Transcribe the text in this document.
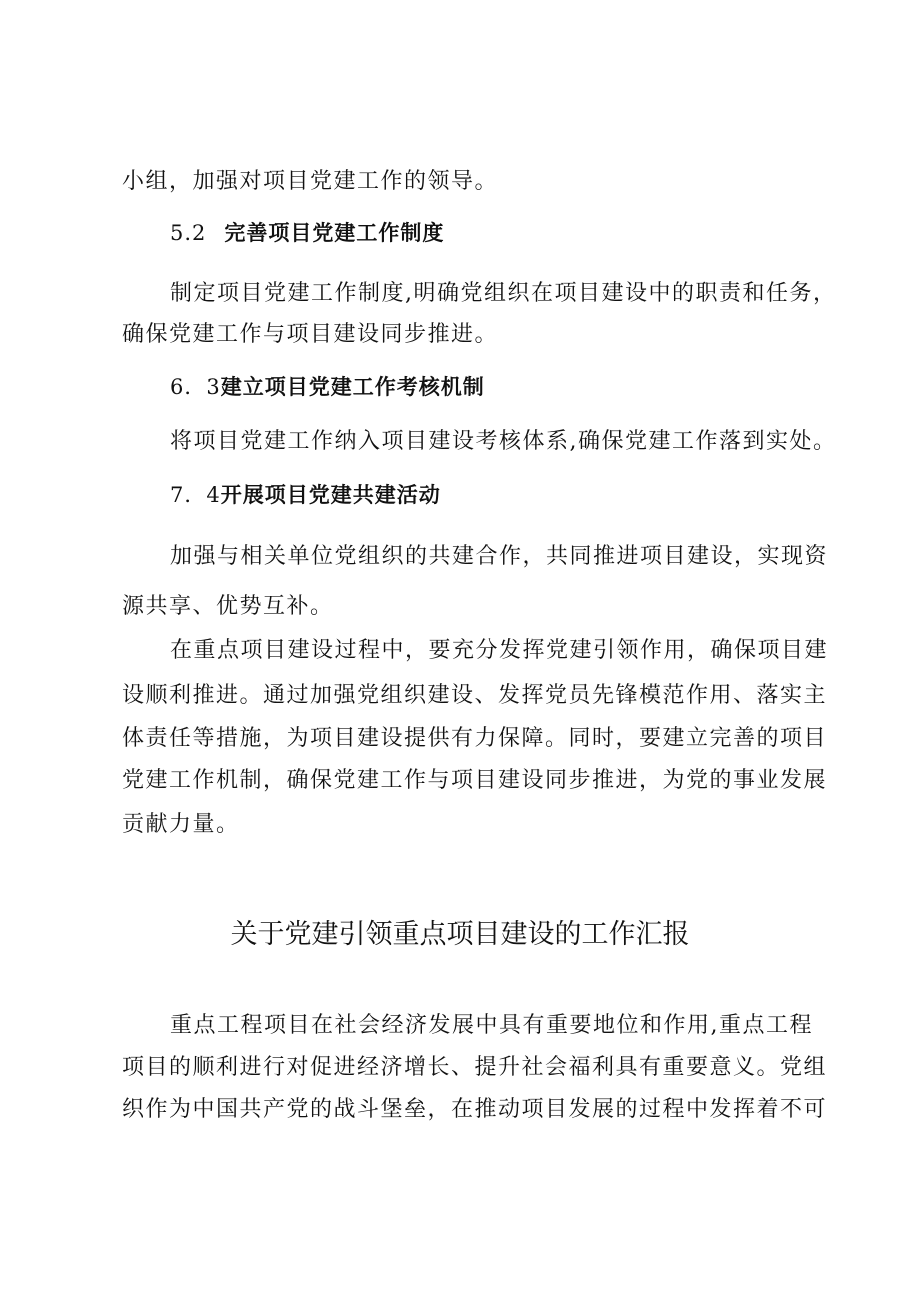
小组，加强对项目党建工作的领导。
5.2 完善项目党建工作制度
制定项目党建工作制度,明确党组织在项目建设中的职责和任务，
确保党建工作与项目建设同步推进。
6．3建立项目党建工作考核机制
将项目党建工作纳入项目建设考核体系,确保党建工作落到实处。
7．4开展项目党建共建活动
加强与相关单位党组织的共建合作，共同推进项目建设，实现资
源共享、优势互补。
在重点项目建设过程中，要充分发挥党建引领作用，确保项目建
设顺利推进。通过加强党组织建设、发挥党员先锋模范作用、落实主
体责任等措施，为项目建设提供有力保障。同时，要建立完善的项目
党建工作机制，确保党建工作与项目建设同步推进，为党的事业发展
贡献力量。
关于党建引领重点项目建设的工作汇报
重点工程项目在社会经济发展中具有重要地位和作用,重点工程
项目的顺利进行对促进经济增长、提升社会福利具有重要意义。党组
织作为中国共产党的战斗堡垒，在推动项目发展的过程中发挥着不可
